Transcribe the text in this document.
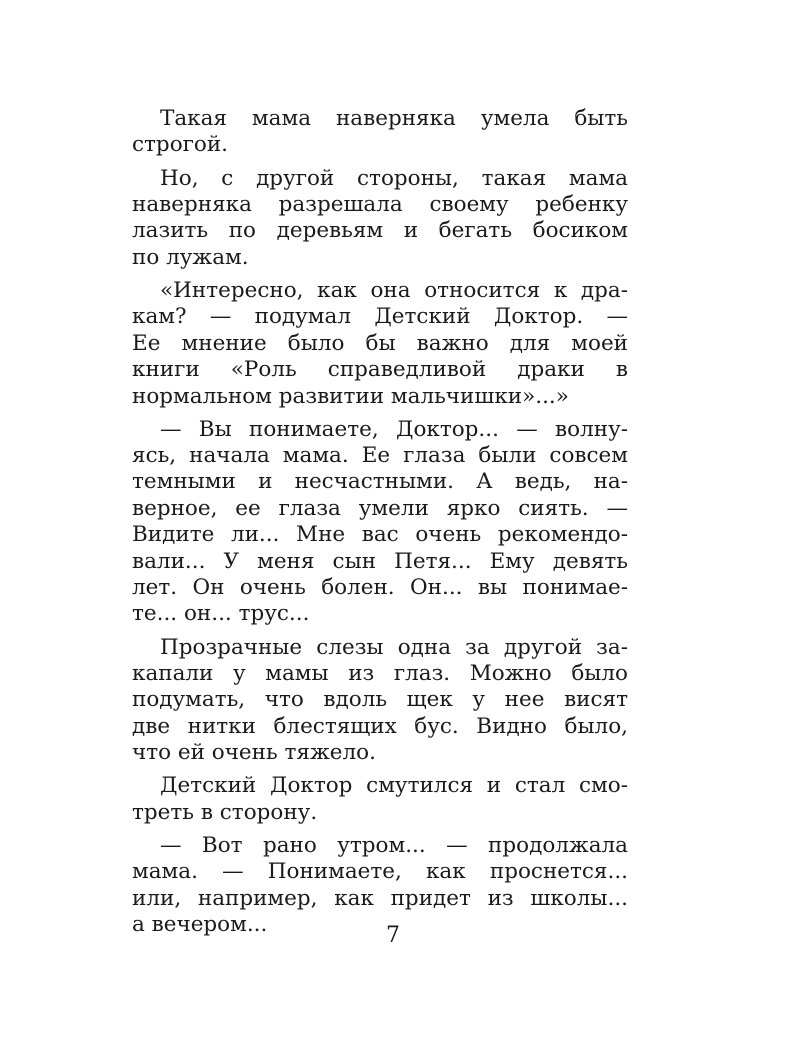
Такая мама наверняка умела быть
строгой.
Но, с другой стороны, такая мама
наверняка разрешала своему ребенку
лазить по деревьям и бегать босиком
по лужам.
«Интересно, как она относится к дра-
кам? — подумал Детский Доктор. —
Ее мнение было бы важно для моей
книги «Роль справедливой драки в
нормальном развитии мальчишки»...»
— Вы понимаете, Доктор... — волну-
ясь, начала мама. Ее глаза были совсем
темными и несчастными. А ведь, на-
верное, ее глаза умели ярко сиять. —
Видите ли... Мне вас очень рекомендо-
вали... У меня сын Петя... Ему девять
лет. Он очень болен. Он... вы понимае-
те... он... трус...
Прозрачные слезы одна за другой за-
капали у мамы из глаз. Можно было
подумать, что вдоль щек у нее висят
две нитки блестящих бус. Видно было,
что ей очень тяжело.
Детский Доктор смутился и стал смо-
треть в сторону.
— Вот рано утром... — продолжала
мама. — Понимаете, как проснется...
или, например, как придет из школы...
а вечером...	7
